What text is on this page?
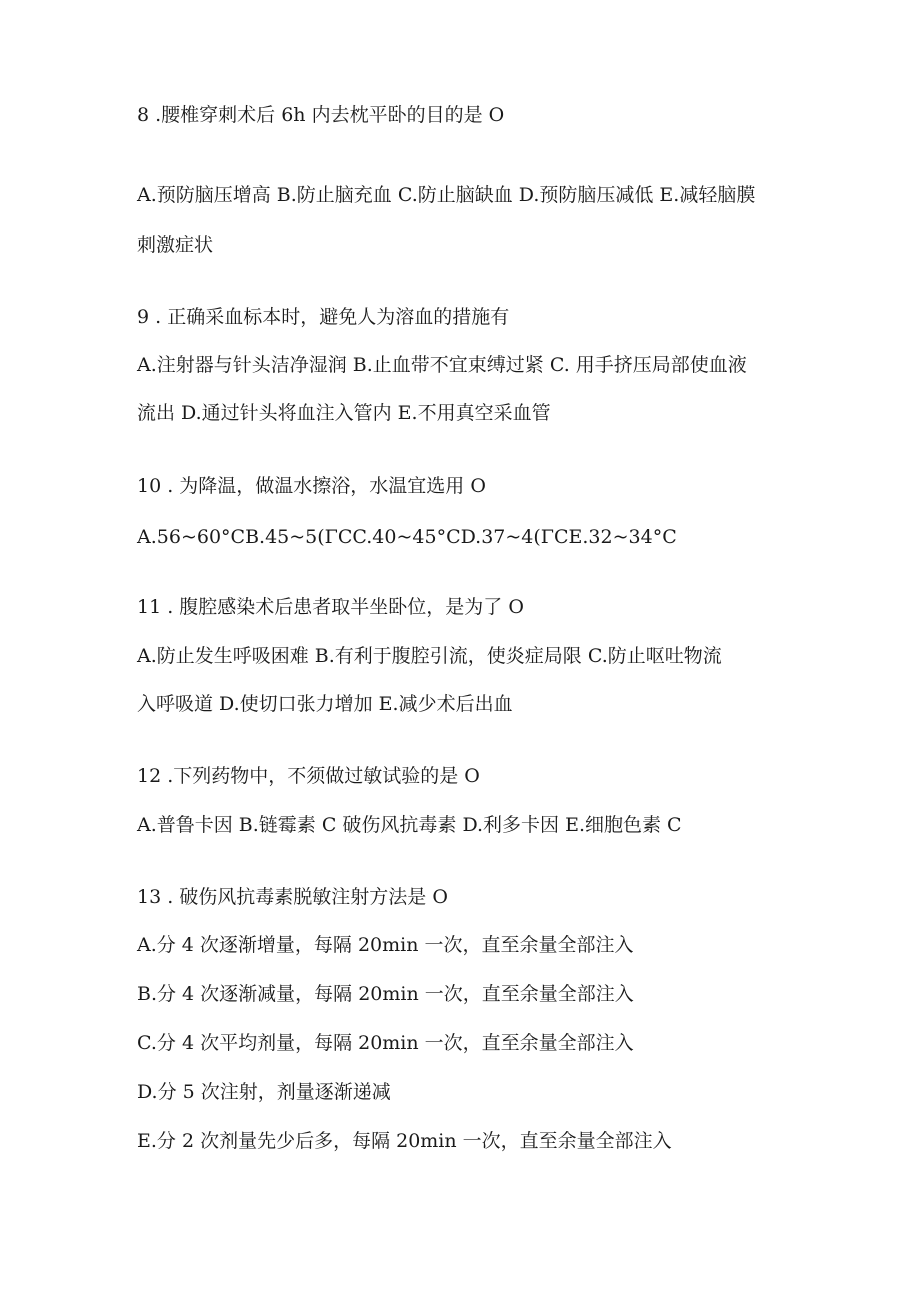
8 .腰椎穿刺术后 6h 内去枕平卧的目的是 O
A.预防脑压增高 B.防止脑充血 C.防止脑缺血 D.预防脑压减低 E.减轻脑膜
刺激症状
9 . 正确采血标本时，避免人为溶血的措施有
A.注射器与针头洁净湿润 B.止血带不宜束缚过紧 C. 用手挤压局部使血液
流出 D.通过针头将血注入管内 E.不用真空采血管
10 . 为降温，做温水擦浴，水温宜选用 O
A.56~60°CB.45~5(ΓCC.40~45°CD.37~4(ΓCE.32~34°C
11 . 腹腔感染术后患者取半坐卧位，是为了 O
A.防止发生呼吸困难 B.有利于腹腔引流，使炎症局限 C.防止呕吐物流
入呼吸道 D.使切口张力增加 E.减少术后出血
12 .下列药物中，不须做过敏试验的是 O
A.普鲁卡因 B.链霉素 C 破伤风抗毒素 D.利多卡因 E.细胞色素 C
13 . 破伤风抗毒素脱敏注射方法是 O
A.分 4 次逐渐增量，每隔 20min 一次，直至余量全部注入
B.分 4 次逐渐减量，每隔 20min 一次，直至余量全部注入
C.分 4 次平均剂量，每隔 20min 一次，直至余量全部注入
D.分 5 次注射，剂量逐渐递减
E.分 2 次剂量先少后多，每隔 20min 一次，直至余量全部注入
